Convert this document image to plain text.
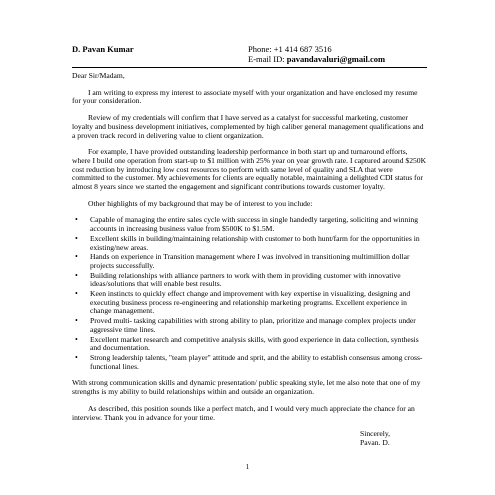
D. Pavan Kumar	Phone: +1 414 687 3516
E-mail ID: pavandavaluri@gmail.com

Dear Sir/Madam,

I am writing to express my interest to associate myself with your organization and have enclosed my resume for your consideration.

Review of my credentials will confirm that I have served as a catalyst for successful marketing, customer loyalty and business development initiatives, complemented by high caliber general management qualifications and a proven track record in delivering value to client organization.

For example, I have provided outstanding leadership performance in both start up and turnaround efforts, where I build one operation from start-up to $1 million with 25% year on year growth rate. I captured around $250K cost reduction by introducing low cost resources to perform with same level of quality and SLA that were committed to the customer. My achievements for clients are equally notable, maintaining a delighted CDI status for almost 8 years since we started the engagement and significant contributions towards customer loyalty.

Other highlights of my background that may be of interest to you include:

• Capable of managing the entire sales cycle with success in single handedly targeting, soliciting and winning accounts in increasing business value from $500K to $1.5M.
• Excellent skills in building/maintaining relationship with customer to both hunt/farm for the opportunities in existing/new areas.
• Hands on experience in Transition management where I was involved in transitioning multimillion dollar projects successfully.
• Building relationships with alliance partners to work with them in providing customer with innovative ideas/solutions that will enable best results.
• Keen instincts to quickly effect change and improvement with key expertise in visualizing, designing and executing business process re-engineering and relationship marketing programs. Excellent experience in change management.
• Proved multi- tasking capabilities with strong ability to plan, prioritize and manage complex projects under aggressive time lines.
• Excellent market research and competitive analysis skills, with good experience in data collection, synthesis and documentation.
• Strong leadership talents, "team player" attitude and sprit, and the ability to establish consensus among cross-functional lines.

With strong communication skills and dynamic presentation/ public speaking style, let me also note that one of my strengths is my ability to build relationships within and outside an organization.

As described, this position sounds like a perfect match, and I would very much appreciate the chance for an interview. Thank you in advance for your time.

Sincerely,
Pavan. D.
1
